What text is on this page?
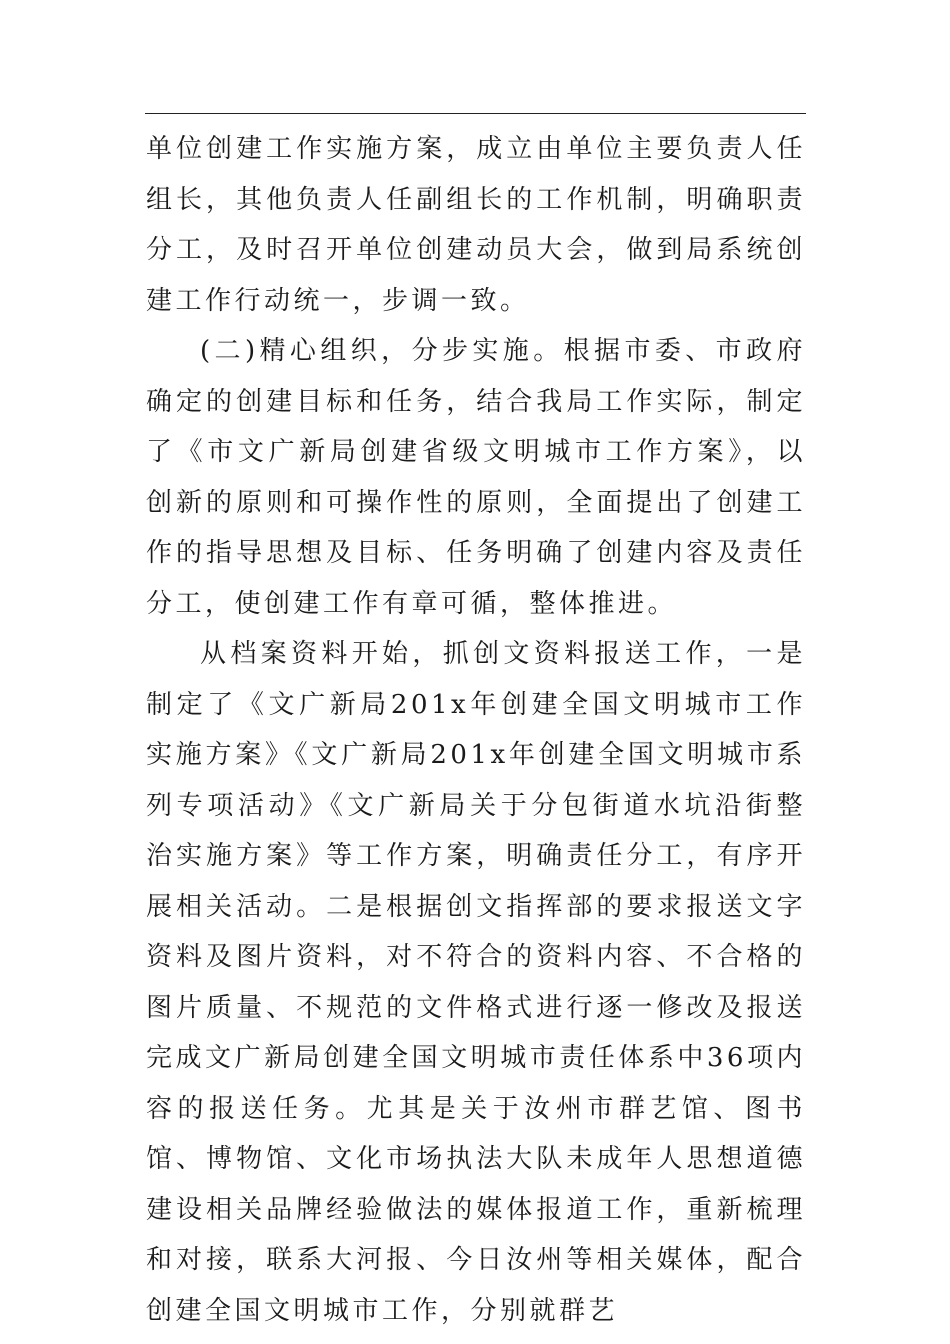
单位创建工作实施方案，成立由单位主要负责人任组长，其他负责人任副组长的工作机制，明确职责分工，及时召开单位创建动员大会，做到局系统创建工作行动统一，步调一致。

(二)精心组织，分步实施。根据市委、市政府确定的创建目标和任务，结合我局工作实际，制定了《市文广新局创建省级文明城市工作方案》，以创新的原则和可操作性的原则，全面提出了创建工作的指导思想及目标、任务明确了创建内容及责任分工，使创建工作有章可循，整体推进。

从档案资料开始，抓创文资料报送工作，一是制定了《文广新局201x年创建全国文明城市工作实施方案》《文广新局201x年创建全国文明城市系列专项活动》《文广新局关于分包街道水坑沿街整治实施方案》等工作方案，明确责任分工，有序开展相关活动。二是根据创文指挥部的要求报送文字资料及图片资料，对不符合的资料内容、不合格的图片质量、不规范的文件格式进行逐一修改及报送完成文广新局创建全国文明城市责任体系中36项内容的报送任务。尤其是关于汝州市群艺馆、图书馆、博物馆、文化市场执法大队未成年人思想道德建设相关品牌经验做法的媒体报道工作，重新梳理和对接，联系大河报、今日汝州等相关媒体，配合创建全国文明城市工作，分别就群艺
